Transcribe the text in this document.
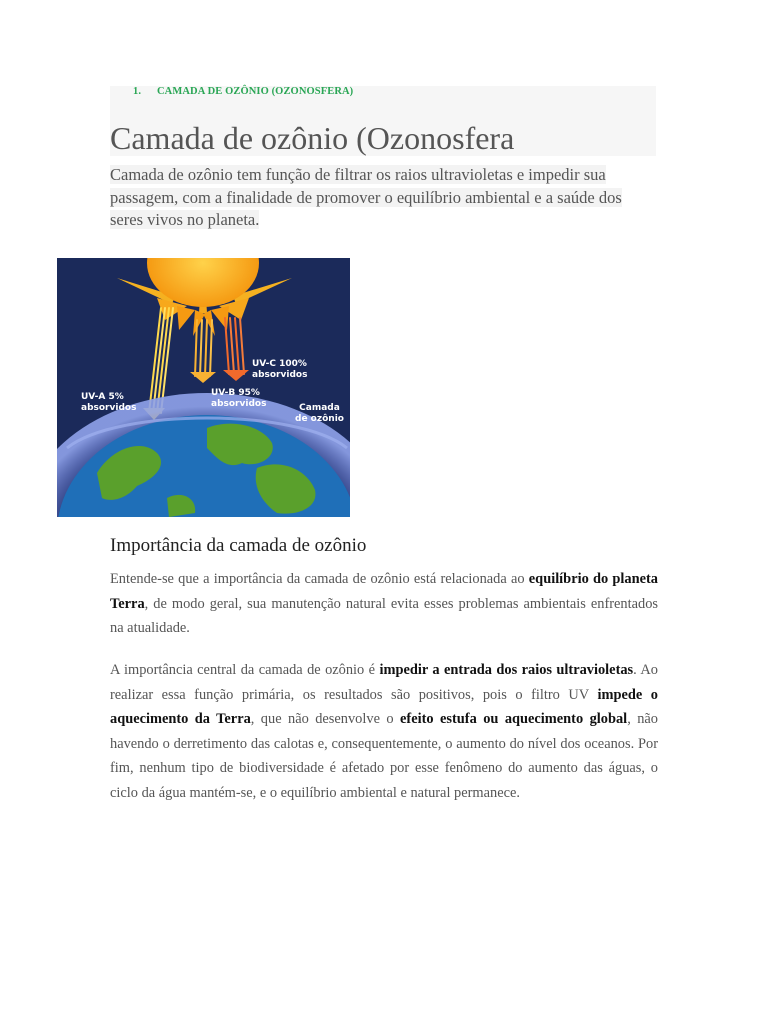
1. CAMADA DE OZÔNIO (OZONOSFERA)
Camada de ozônio (Ozonosfera
Camada de ozônio tem função de filtrar os raios ultravioletas e impedir sua passagem, com a finalidade de promover o equilíbrio ambiental e a saúde dos seres vivos no planeta.
UV-A 5%
absorvidos
UV-B 95%
absorvidos
UV-C 100%
absorvidos
Camada
de ozônio
Importância da camada de ozônio

Entende-se que a importância da camada de ozônio está relacionada ao equilíbrio do planeta Terra, de modo geral, sua manutenção natural evita esses problemas ambientais enfrentados na atualidade.

A importância central da camada de ozônio é impedir a entrada dos raios ultravioletas. Ao realizar essa função primária, os resultados são positivos, pois o filtro UV impede o aquecimento da Terra, que não desenvolve o efeito estufa ou aquecimento global, não havendo o derretimento das calotas e, consequentemente, o aumento do nível dos oceanos. Por fim, nenhum tipo de biodiversidade é afetado por esse fenômeno do aumento das águas, o ciclo da água mantém-se, e o equilíbrio ambiental e natural permanece.
